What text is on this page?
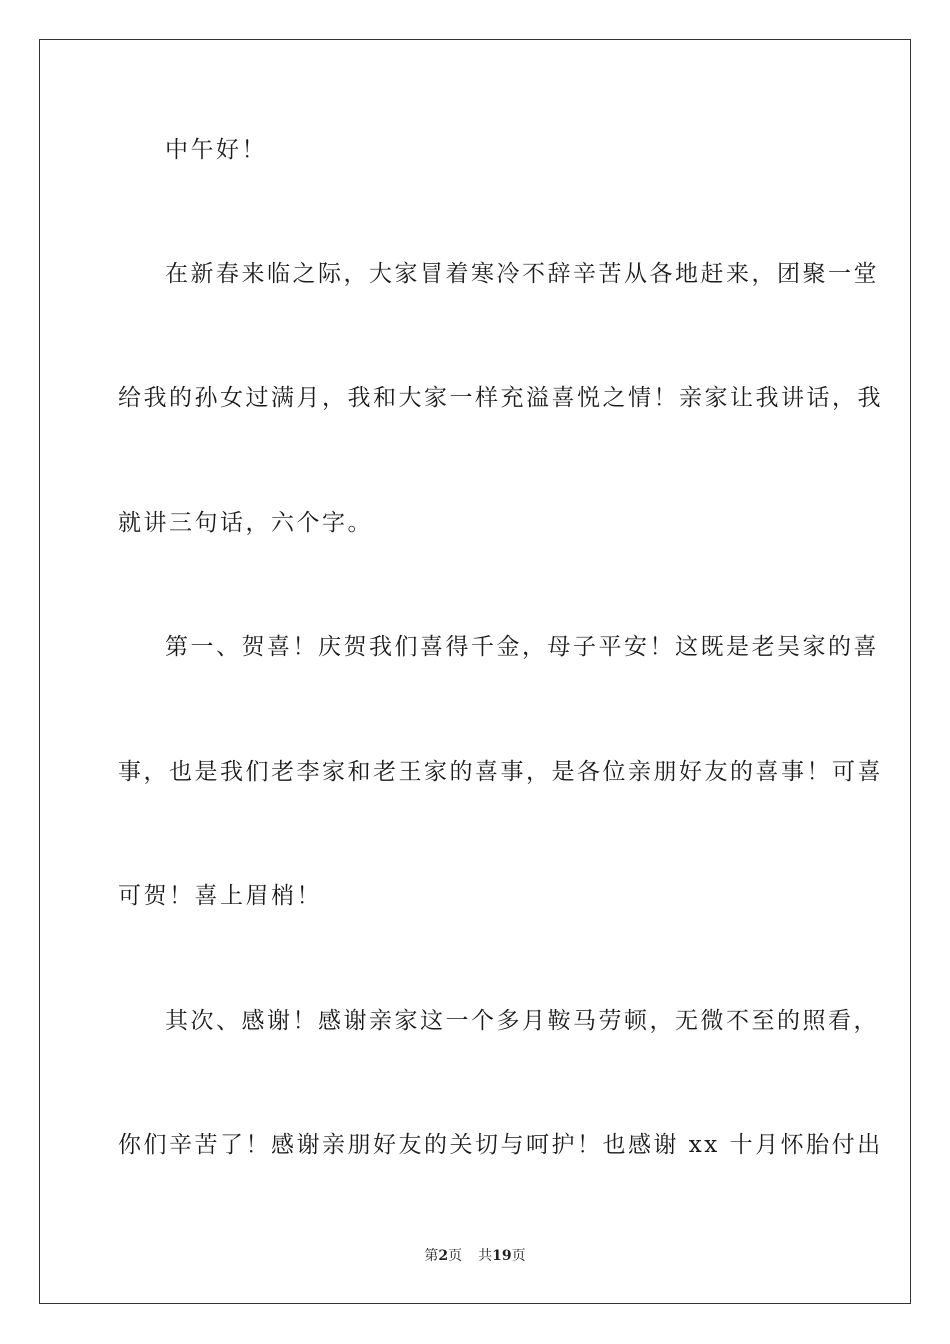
中午好！
在新春来临之际，大家冒着寒冷不辞辛苦从各地赶来，团聚一堂
给我的孙女过满月，我和大家一样充溢喜悦之情！亲家让我讲话，我
就讲三句话，六个字。
第一、贺喜！庆贺我们喜得千金，母子平安！这既是老吴家的喜
事，也是我们老李家和老王家的喜事，是各位亲朋好友的喜事！可喜
可贺！喜上眉梢！
其次、感谢！感谢亲家这一个多月鞍马劳顿，无微不至的照看，
你们辛苦了！感谢亲朋好友的关切与呵护！也感谢 xx 十月怀胎付出
第2页 共19页
